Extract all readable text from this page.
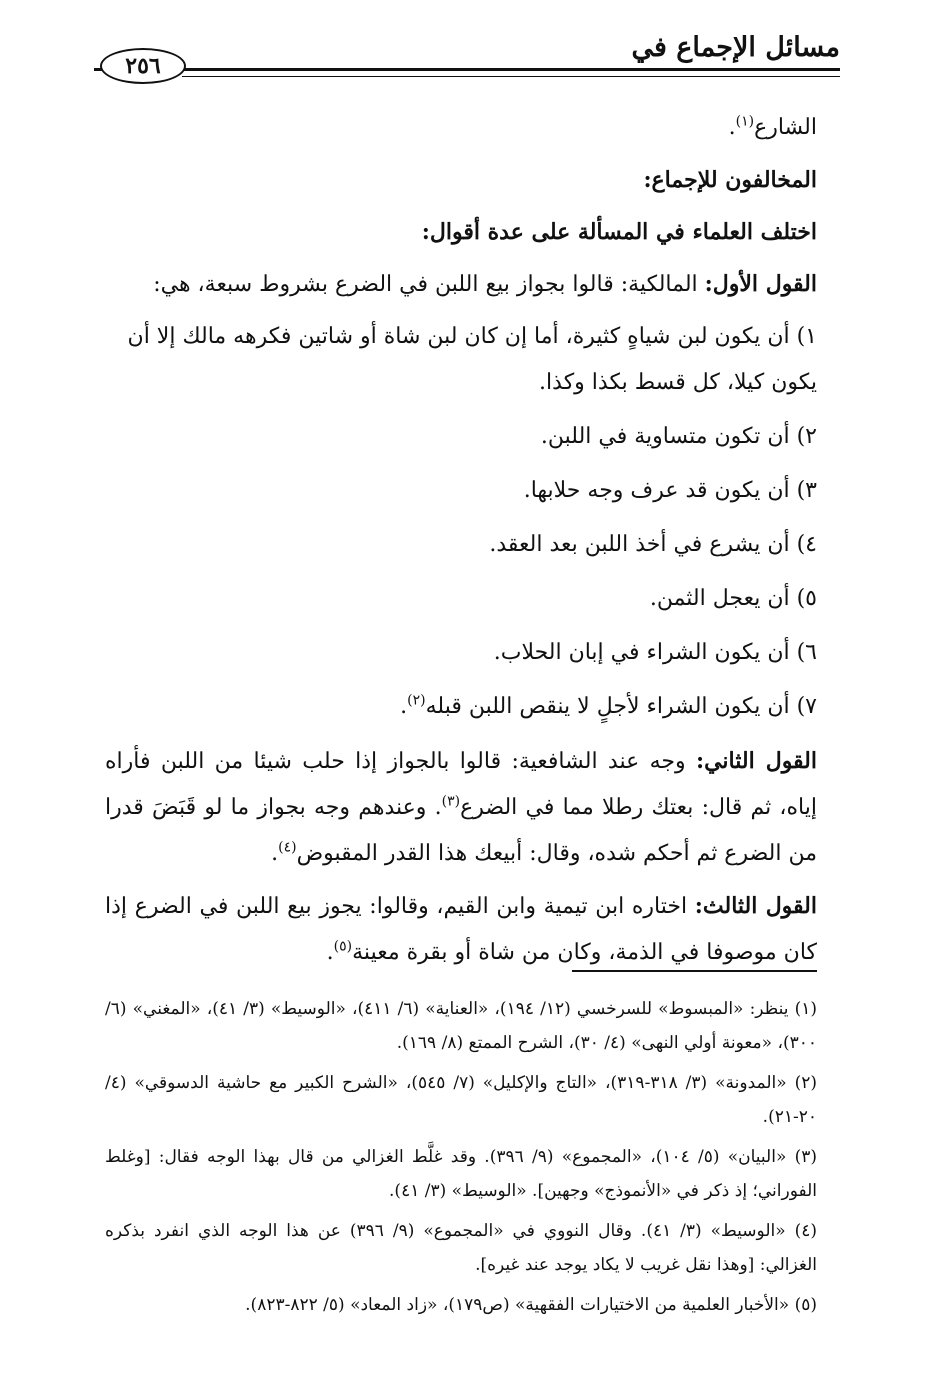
مسائل الإجماع في
٢٥٦

الشارع$^{(١)}$.

المخالفون للإجماع:

اختلف العلماء في المسألة على عدة أقوال:

القول الأول: المالكية: قالوا بجواز بيع اللبن في الضرع بشروط سبعة، هي:

١) أن يكون لبن شياهٍ كثيرة، أما إن كان لبن شاة أو شاتين فكرهه مالك إلا أن يكون كيلا، كل قسط بكذا وكذا.

٢) أن تكون متساوية في اللبن.

٣) أن يكون قد عرف وجه حلابها.

٤) أن يشرع في أخذ اللبن بعد العقد.

٥) أن يعجل الثمن.

٦) أن يكون الشراء في إبان الحلاب.

٧) أن يكون الشراء لأجلٍ لا ينقص اللبن قبله$^{(٢)}$.

القول الثاني: وجه عند الشافعية: قالوا بالجواز إذا حلب شيئا من اللبن فأراه إياه، ثم قال: بعتك رطلا مما في الضرع$^{(٣)}$. وعندهم وجه بجواز ما لو قَبَضَ قدرا من الضرع ثم أحكم شده، وقال: أبيعك هذا القدر المقبوض$^{(٤)}$.

القول الثالث: اختاره ابن تيمية وابن القيم، وقالوا: يجوز بيع اللبن في الضرع إذا كان موصوفا في الذمة، وكان من شاة أو بقرة معينة$^{(٥)}$.

(١) ينظر: «المبسوط» للسرخسي (١٢/ ١٩٤)، «العناية» (٦/ ٤١١)، «الوسيط» (٣/ ٤١)، «المغني» (٦/ ٣٠٠)، «معونة أولي النهى» (٤/ ٣٠)، الشرح الممتع (٨/ ١٦٩).

(٢) «المدونة» (٣/ ٣١٨-٣١٩)، «التاج والإكليل» (٧/ ٥٤٥)، «الشرح الكبير مع حاشية الدسوقي» (٤/ ٢٠-٢١).

(٣) «البيان» (٥/ ١٠٤)، «المجموع» (٩/ ٣٩٦). وقد غلَّط الغزالي من قال بهذا الوجه فقال: [وغلط الفوراني؛ إذ ذكر في «الأنموذج» وجهين]. «الوسيط» (٣/ ٤١).

(٤) «الوسيط» (٣/ ٤١). وقال النووي في «المجموع» (٩/ ٣٩٦) عن هذا الوجه الذي انفرد بذكره الغزالي: [وهذا نقل غريب لا يكاد يوجد عند غيره].

(٥) «الأخبار العلمية من الاختيارات الفقهية» (ص١٧٩)، «زاد المعاد» (٥/ ٨٢٢-٨٢٣).
